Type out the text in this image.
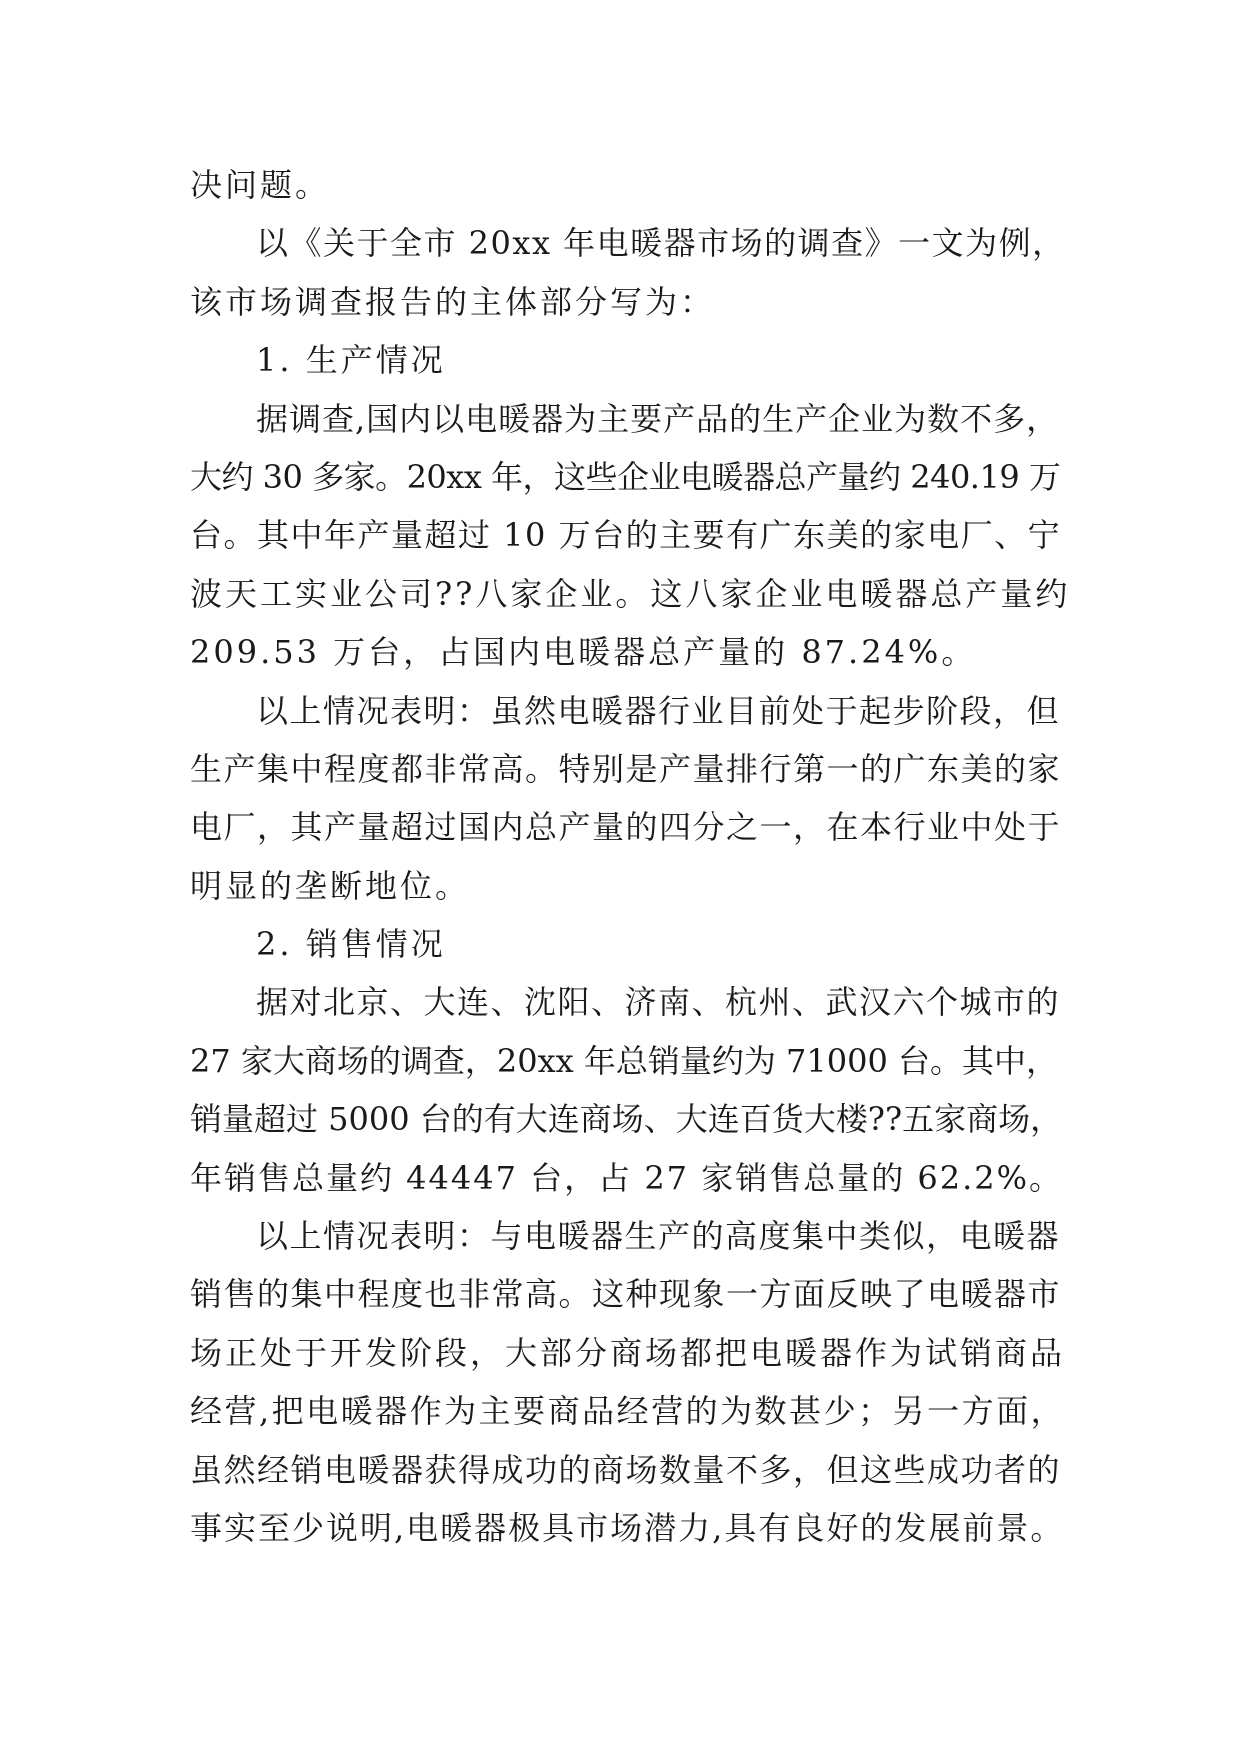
决问题。
以《关于全市 20xx 年电暖器市场的调查》一文为例，
该市场调查报告的主体部分写为：
1. 生产情况
据调查,国内以电暖器为主要产品的生产企业为数不多，
大约 30 多家。20xx 年，这些企业电暖器总产量约 240.19 万
台。其中年产量超过 10 万台的主要有广东美的家电厂、宁
波天工实业公司??八家企业。这八家企业电暖器总产量约
209.53 万台，占国内电暖器总产量的 87.24%。
以上情况表明：虽然电暖器行业目前处于起步阶段，但
生产集中程度都非常高。特别是产量排行第一的广东美的家
电厂，其产量超过国内总产量的四分之一，在本行业中处于
明显的垄断地位。
2. 销售情况
据对北京、大连、沈阳、济南、杭州、武汉六个城市的
27 家大商场的调查，20xx 年总销量约为 71000 台。其中，
销量超过 5000 台的有大连商场、大连百货大楼??五家商场，
年销售总量约 44447 台，占 27 家销售总量的 62.2%。
以上情况表明：与电暖器生产的高度集中类似，电暖器
销售的集中程度也非常高。这种现象一方面反映了电暖器市
场正处于开发阶段，大部分商场都把电暖器作为试销商品
经营,把电暖器作为主要商品经营的为数甚少；另一方面，
虽然经销电暖器获得成功的商场数量不多，但这些成功者的
事实至少说明,电暖器极具市场潜力,具有良好的发展前景。
